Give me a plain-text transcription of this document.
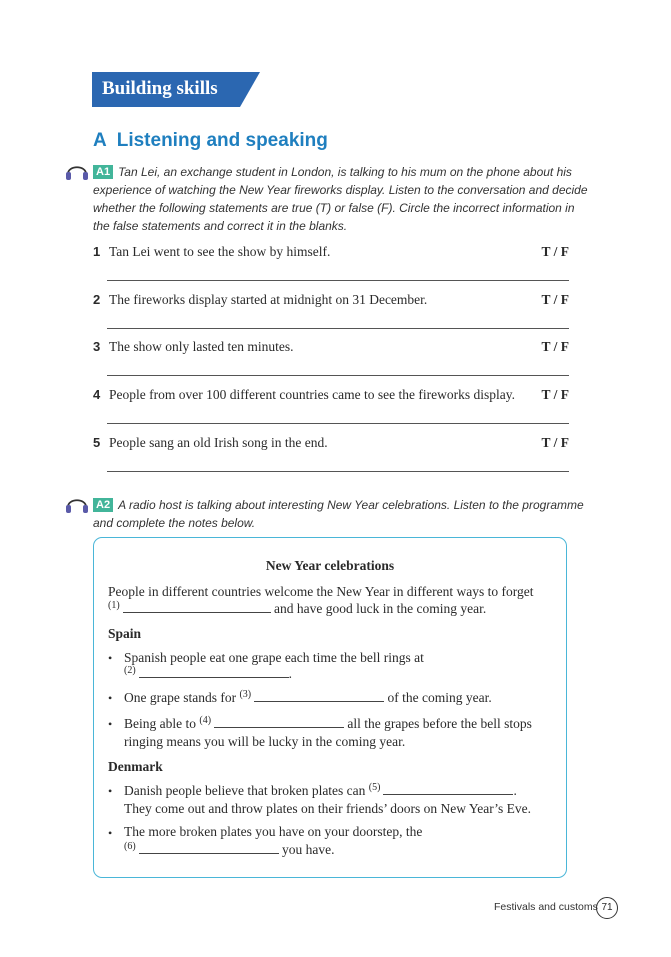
Building skills
A Listening and speaking
A1 Tan Lei, an exchange student in London, is talking to his mum on the phone about his
experience of watching the New Year fireworks display. Listen to the conversation and decide
whether the following statements are true (T) or false (F). Circle the incorrect information in
the false statements and correct it in the blanks.
1 Tan Lei went to see the show by himself.	T / F
2 The fireworks display started at midnight on 31 December.	T / F
3 The show only lasted ten minutes.	T / F
4 People from over 100 different countries came to see the fireworks display. T / F
5 People sang an old Irish song in the end.	T / F
A2 A radio host is talking about interesting New Year celebrations. Listen to the programme
and complete the notes below.
New Year celebrations
People in different countries welcome the New Year in different ways to forget
$^{(1)}$	and have good luck in the coming year.
Spain
• Spanish people eat one grape each time the bell rings at
$^{(2)}$	.
• One grape stands for $^{(3)}$	of the coming year.
• Being able to $^{(4)}$	all the grapes before the bell stops
ringing means you will be lucky in the coming year.
Denmark
• Danish people believe that broken plates can $^{(5)}$	.
They come out and throw plates on their friends’ doors on New Year’s Eve.
• The more broken plates you have on your doorstep, the
$^{(6)}$	you have.
Festivals and customs 71
